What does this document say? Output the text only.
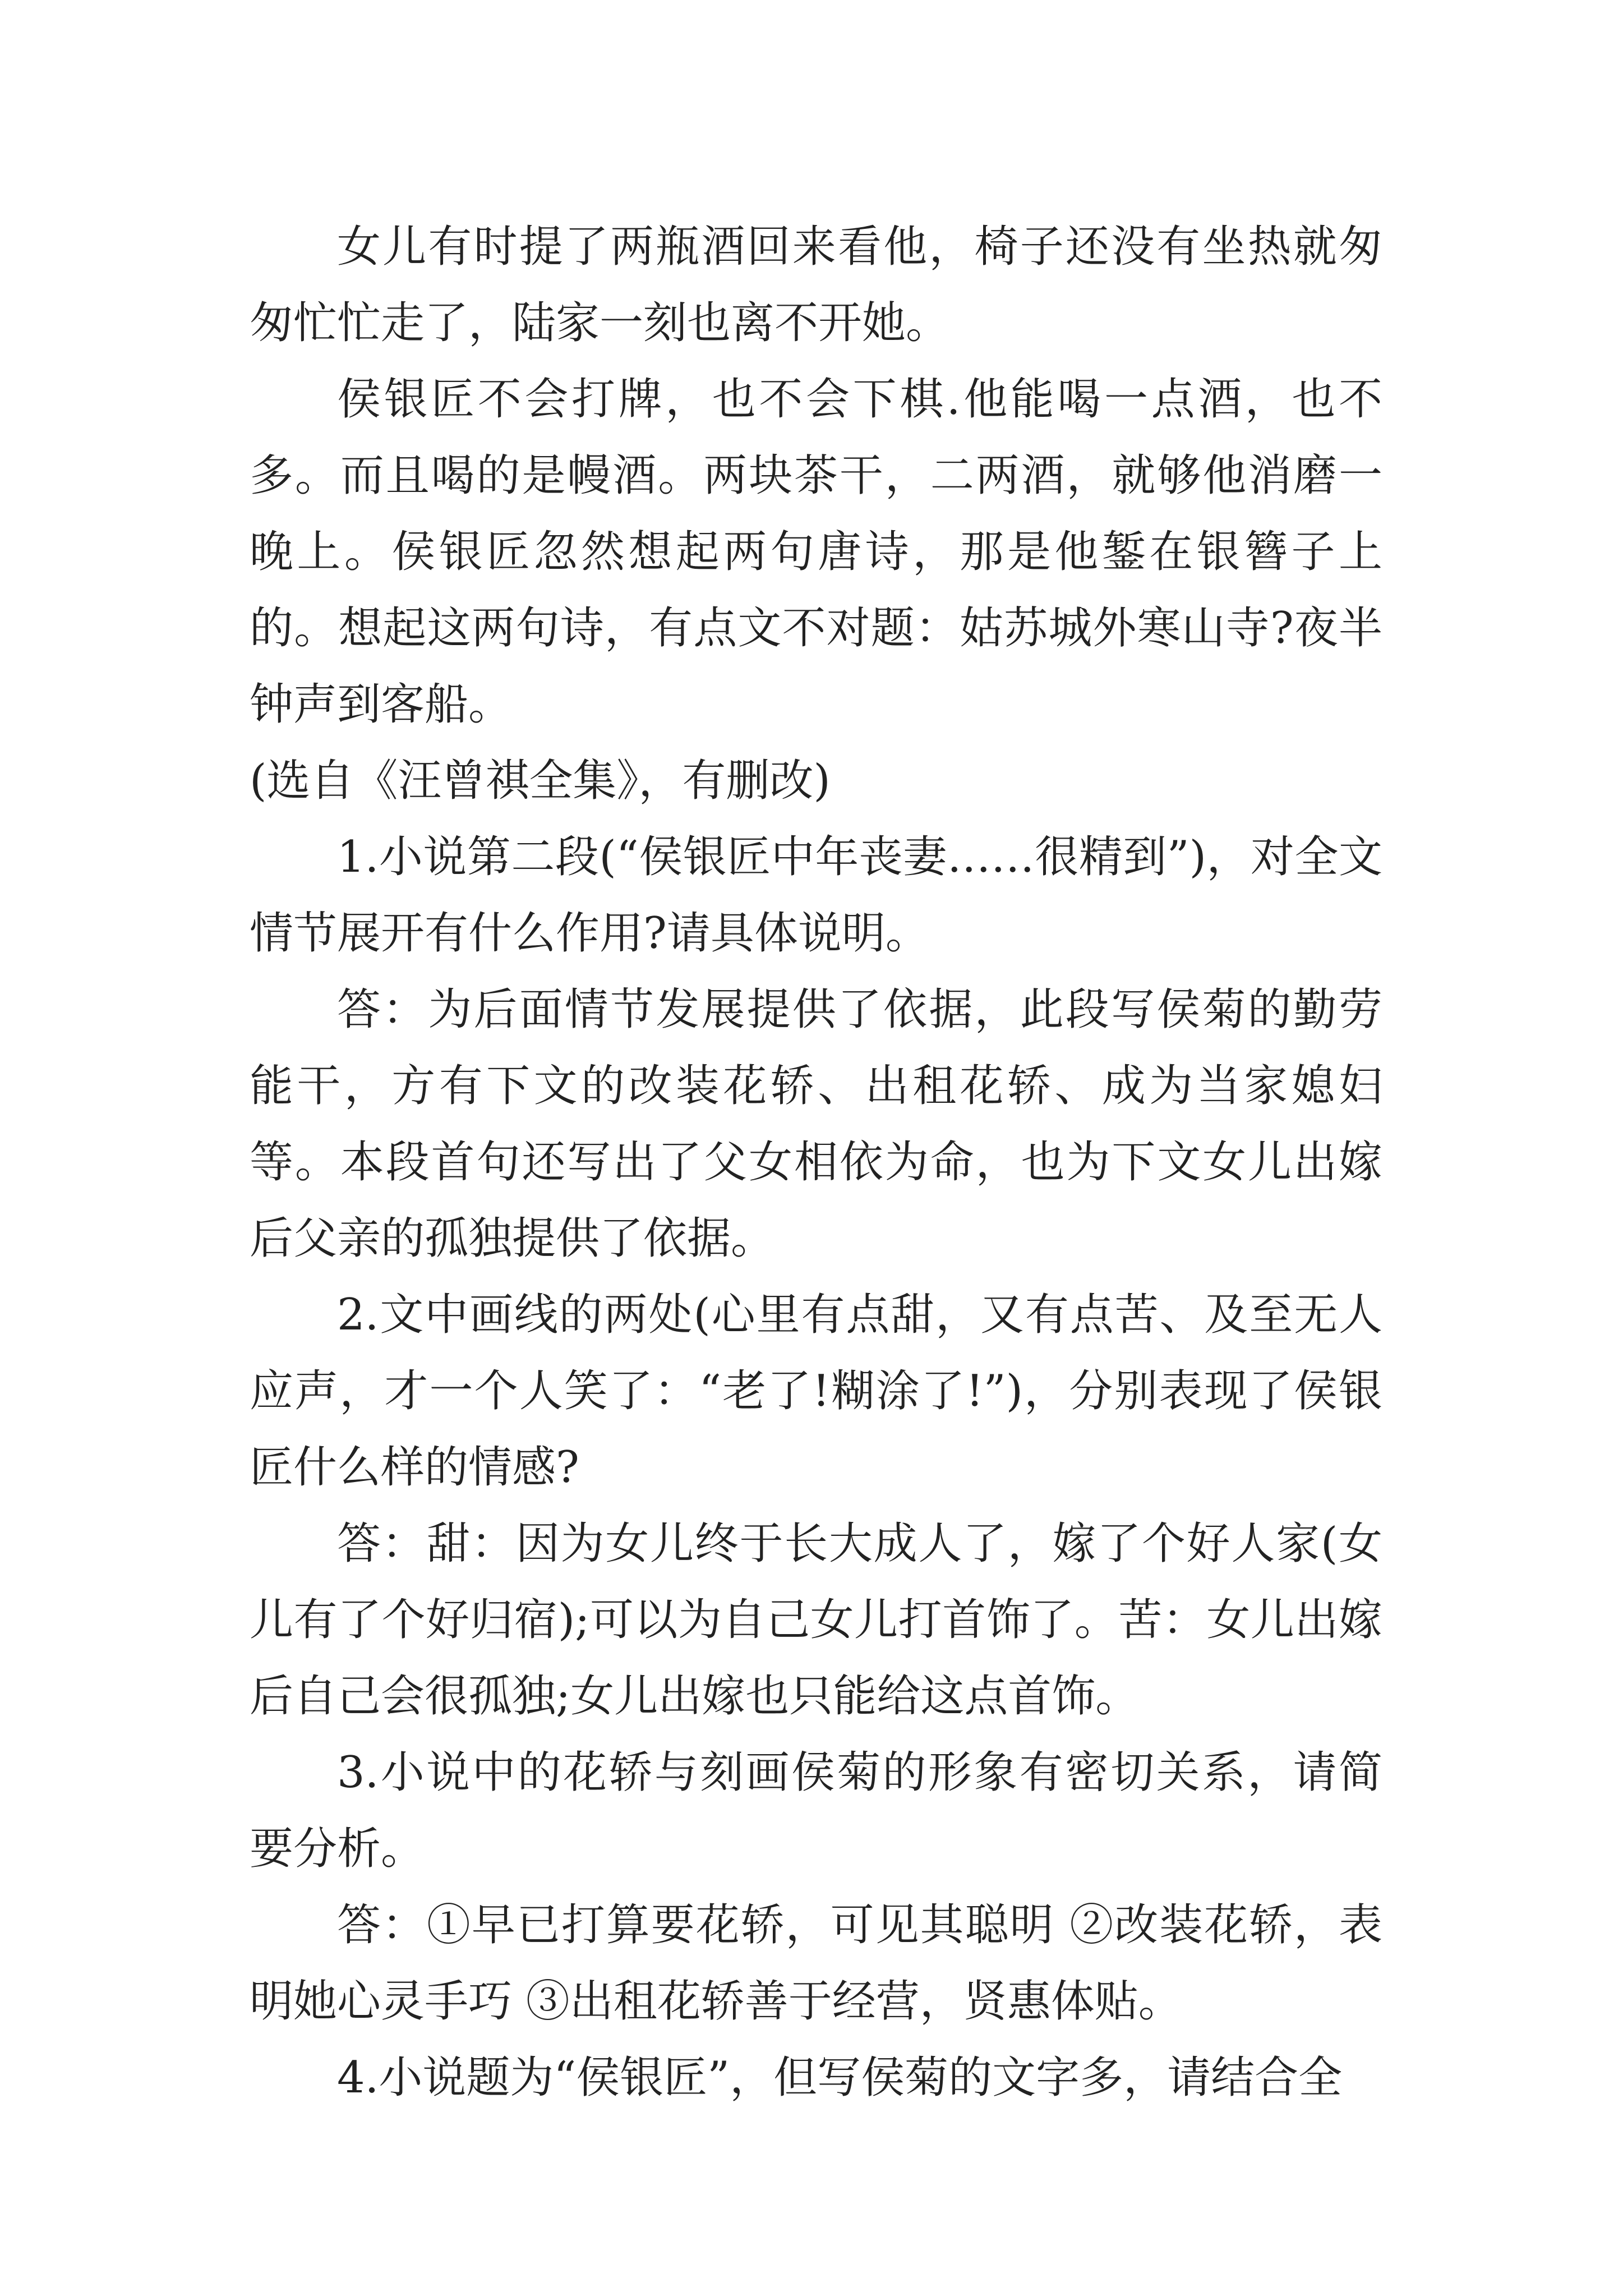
女儿有时提了两瓶酒回来看他，椅子还没有坐热就匆匆忙忙走了，陆家一刻也离不开她。

侯银匠不会打牌，也不会下棋.他能喝一点酒，也不多。而且喝的是幔酒。两块茶干，二两酒，就够他消磨一晚上。侯银匠忽然想起两句唐诗，那是他錾在银簪子上的。想起这两句诗，有点文不对题：姑苏城外寒山寺?夜半钟声到客船。

(选自《汪曾祺全集》，有删改)

1.小说第二段(“侯银匠中年丧妻……很精到”)，对全文情节展开有什么作用?请具体说明。

答：为后面情节发展提供了依据，此段写侯菊的勤劳能干，方有下文的改装花轿、出租花轿、成为当家媳妇等。本段首句还写出了父女相依为命，也为下文女儿出嫁后父亲的孤独提供了依据。

2.文中画线的两处(心里有点甜，又有点苦、及至无人应声，才一个人笑了：“老了!糊涂了!”)，分别表现了侯银匠什么样的情感?

答：甜：因为女儿终于长大成人了，嫁了个好人家(女儿有了个好归宿);可以为自己女儿打首饰了。苦：女儿出嫁后自己会很孤独;女儿出嫁也只能给这点首饰。

3.小说中的花轿与刻画侯菊的形象有密切关系，请简要分析。

答：①早已打算要花轿，可见其聪明 ②改装花轿，表明她心灵手巧 ③出租花轿善于经营，贤惠体贴。

4.小说题为“侯银匠”，但写侯菊的文字多，请结合全
